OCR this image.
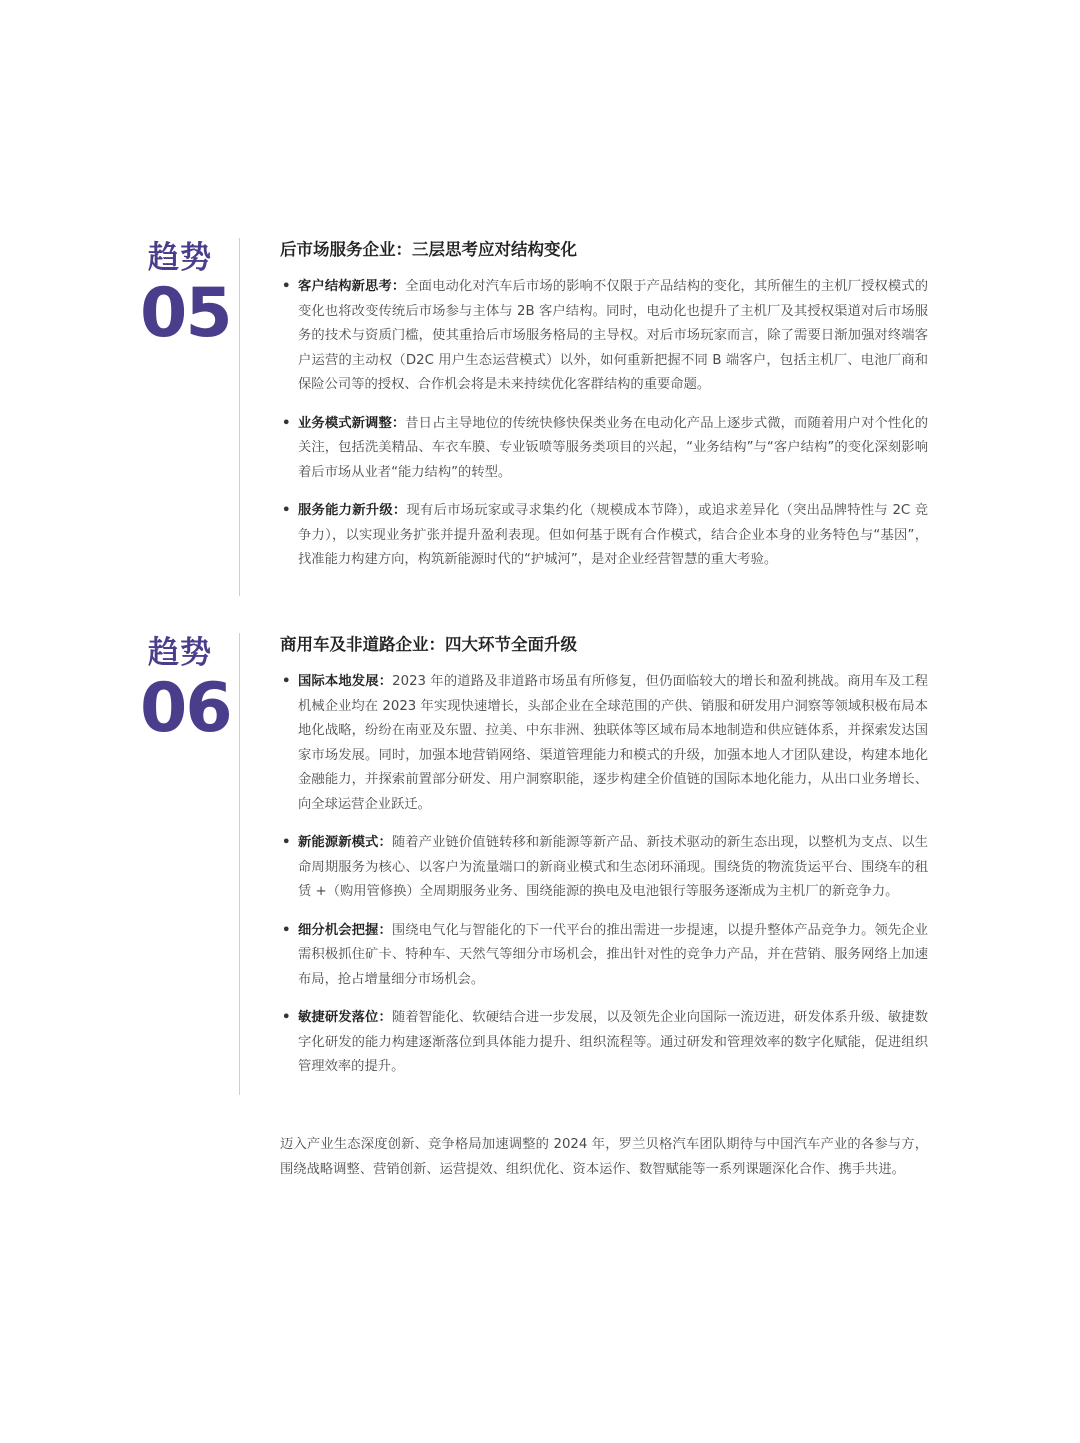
趋势
05
后市场服务企业：三层思考应对结构变化
• 客户结构新思考：全面电动化对汽车后市场的影响不仅限于产品结构的变化，其所催生的主机厂授权模式的变化也将改变传统后市场参与主体与 2B 客户结构。同时，电动化也提升了主机厂及其授权渠道对后市场服务的技术与资质门槛，使其重拾后市场服务格局的主导权。对后市场玩家而言，除了需要日渐加强对终端客户运营的主动权（D2C 用户生态运营模式）以外，如何重新把握不同 B 端客户，包括主机厂、电池厂商和保险公司等的授权、合作机会将是未来持续优化客群结构的重要命题。
• 业务模式新调整：昔日占主导地位的传统快修快保类业务在电动化产品上逐步式微，而随着用户对个性化的关注，包括洗美精品、车衣车膜、专业钣喷等服务类项目的兴起，“业务结构”与“客户结构”的变化深刻影响着后市场从业者“能力结构”的转型。
• 服务能力新升级：现有后市场玩家或寻求集约化（规模成本节降），或追求差异化（突出品牌特性与 2C 竞争力），以实现业务扩张并提升盈利表现。但如何基于既有合作模式，结合企业本身的业务特色与“基因”，找准能力构建方向，构筑新能源时代的“护城河”，是对企业经营智慧的重大考验。
趋势
06
商用车及非道路企业：四大环节全面升级
• 国际本地发展：2023 年的道路及非道路市场虽有所修复，但仍面临较大的增长和盈利挑战。商用车及工程机械企业均在 2023 年实现快速增长，头部企业在全球范围的产供、销服和研发用户洞察等领域积极布局本地化战略，纷纷在南亚及东盟、拉美、中东非洲、独联体等区域布局本地制造和供应链体系，并探索发达国家市场发展。同时，加强本地营销网络、渠道管理能力和模式的升级，加强本地人才团队建设，构建本地化金融能力，并探索前置部分研发、用户洞察职能，逐步构建全价值链的国际本地化能力，从出口业务增长、向全球运营企业跃迁。
• 新能源新模式：随着产业链价值链转移和新能源等新产品、新技术驱动的新生态出现，以整机为支点、以生命周期服务为核心、以客户为流量端口的新商业模式和生态闭环涌现。围绕货的物流货运平台、围绕车的租赁 +（购用管修换）全周期服务业务、围绕能源的换电及电池银行等服务逐渐成为主机厂的新竞争力。
• 细分机会把握：围绕电气化与智能化的下一代平台的推出需进一步提速，以提升整体产品竞争力。领先企业需积极抓住矿卡、特种车、天然气等细分市场机会，推出针对性的竞争力产品，并在营销、服务网络上加速布局，抢占增量细分市场机会。
• 敏捷研发落位：随着智能化、软硬结合进一步发展，以及领先企业向国际一流迈进，研发体系升级、敏捷数字化研发的能力构建逐渐落位到具体能力提升、组织流程等。通过研发和管理效率的数字化赋能，促进组织管理效率的提升。
迈入产业生态深度创新、竞争格局加速调整的 2024 年，罗兰贝格汽车团队期待与中国汽车产业的各参与方，围绕战略调整、营销创新、运营提效、组织优化、资本运作、数智赋能等一系列课题深化合作、携手共进。
